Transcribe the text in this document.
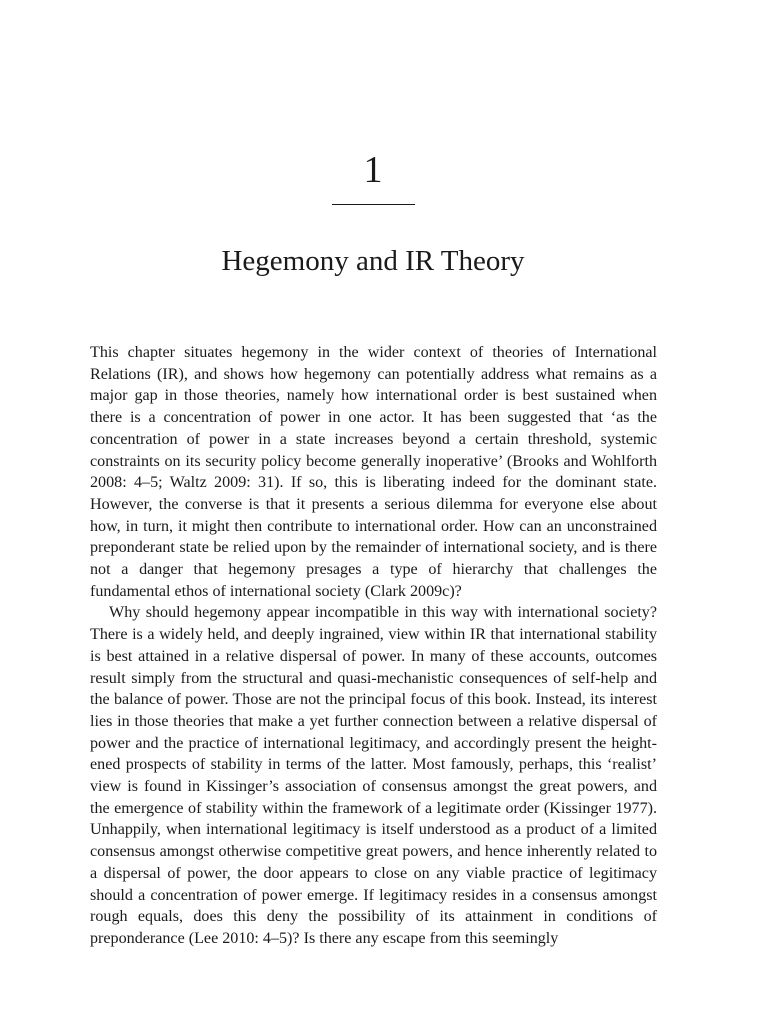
1
Hegemony and IR Theory

This chapter situates hegemony in the wider context of theories of International Relations (IR), and shows how hegemony can potentially address what remains as a major gap in those theories, namely how international order is best sustained when there is a concentration of power in one actor. It has been suggested that ‘as the concentration of power in a state increases beyond a certain threshold, systemic constraints on its security policy become generally inoperative’ (Brooks and Wohlforth 2008: 4–5; Waltz 2009: 31). If so, this is liberating indeed for the dominant state. However, the converse is that it presents a serious dilemma for everyone else about how, in turn, it might then contribute to international order. How can an unconstrained preponderant state be relied upon by the remainder of international society, and is there not a danger that hegemony presages a type of hierarchy that challenges the fundamental ethos of international society (Clark 2009c)?

Why should hegemony appear incompatible in this way with international society? There is a widely held, and deeply ingrained, view within IR that international stability is best attained in a relative dispersal of power. In many of these accounts, outcomes result simply from the structural and quasi-mechanistic consequences of self-help and the balance of power. Those are not the principal focus of this book. Instead, its interest lies in those theories that make a yet further connection between a relative dispersal of power and the practice of international legitimacy, and accordingly present the heightened prospects of stability in terms of the latter. Most famously, perhaps, this ‘realist’ view is found in Kissinger’s association of consensus amongst the great powers, and the emergence of stability within the framework of a legitimate order (Kissinger 1977). Unhappily, when international legitimacy is itself understood as a product of a limited consensus amongst otherwise competitive great powers, and hence inherently related to a dispersal of power, the door appears to close on any viable practice of legitimacy should a concentration of power emerge. If legitimacy resides in a consensus amongst rough equals, does this deny the possibility of its attainment in conditions of preponderance (Lee 2010: 4–5)? Is there any escape from this seemingly
